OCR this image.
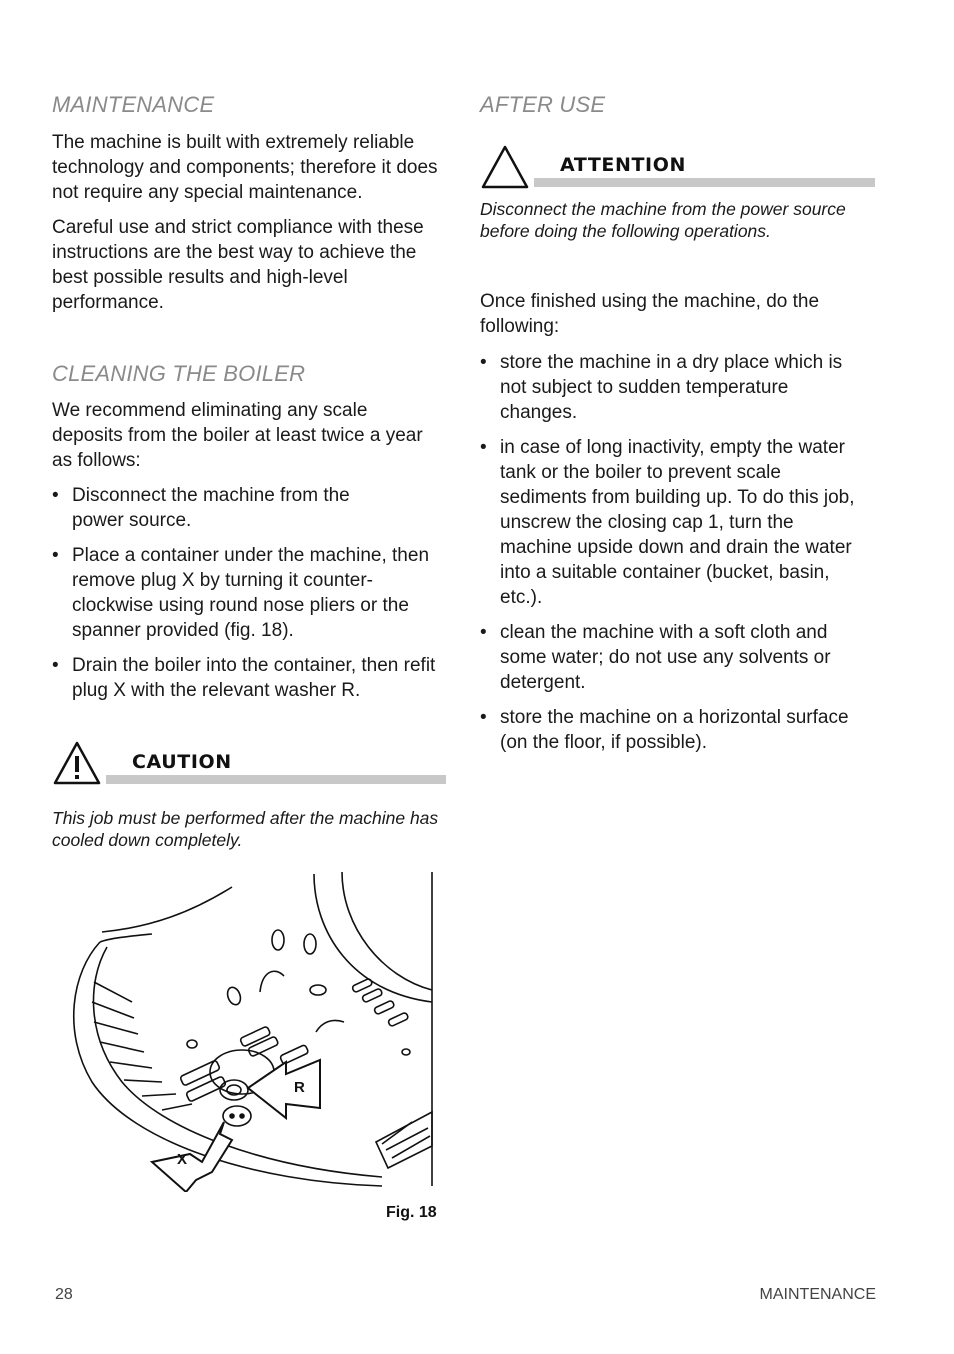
MAINTENANCE

The machine is built with extremely reliable technology and components; therefore it does not require any special maintenance.

Careful use and strict compliance with these instructions are the best way to achieve the best possible results and high-level performance.

CLEANING THE BOILER

We recommend eliminating any scale deposits from the boiler at least twice a year as follows:

• Disconnect the machine from the power source.
• Place a container under the machine, then remove plug X by turning it counter-clockwise using round nose pliers or the spanner provided (fig. 18).
• Drain the boiler into the container, then refit plug X with the relevant washer R.
CAUTION

This job must be performed after the machine has cooled down completely.

R
X
Fig. 18
AFTER USE
ATTENTION

Disconnect the machine from the power source before doing the following operations.

Once finished using the machine, do the following:

• store the machine in a dry place which is not subject to sudden temperature changes.
• in case of long inactivity, empty the water tank or the boiler to prevent scale sediments from building up. To do this job, unscrew the closing cap 1, turn the machine upside down and drain the water into a suitable container (bucket, basin, etc.).
• clean the machine with a soft cloth and some water; do not use any solvents or detergent.
• store the machine on a horizontal surface (on the floor, if possible).
28	MAINTENANCE
